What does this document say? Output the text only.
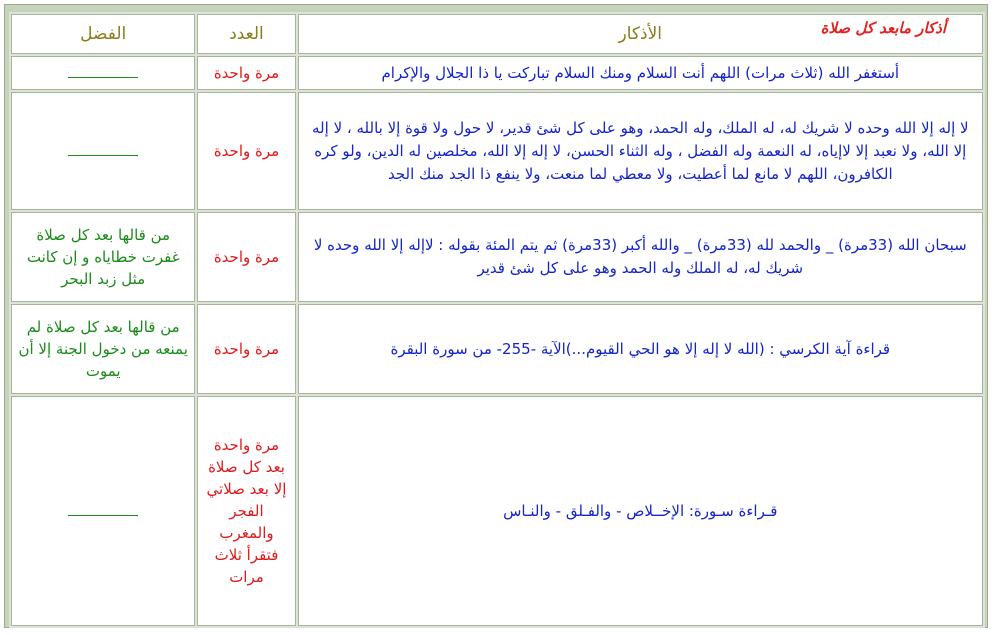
أذكار مابعد كل صلاة
الأذكار	العدد	الفضل
أستغفر الله (ثلاث مرات) اللهم أنت السلام ومنك السلام تباركت يا ذا الجلال والإكرام	مرة واحدة	
لا إله إلا الله وحده لا شريك له، له الملك، وله الحمد، وهو على كل شئ قدير، لا حول ولا قوة إلا بالله ، لا إله إلا الله، ولا نعبد إلا لاإياه، له النعمة وله الفضل ، وله الثناء الحسن، لا إله إلا الله، مخلصين له الدين، ولو كره الكافرون، اللهم لا مانع لما أعطيت، ولا معطي لما منعت، ولا ينفع ذا الجد منك الجد	مرة واحدة	
سبحان الله (33مرة) _ والحمد لله (33مرة) _ والله أكبر (33مرة) ثم يتم المئة بقوله : لاإله إلا الله وحده لا شريك له، له الملك وله الحمد وهو على كل شئ قدير	مرة واحدة	من قالها بعد كل صلاة غفرت خطاياه و إن كانت مثل زبد البحر
قراءة آية الكرسي : (الله لا إله إلا هو الحي القيوم...)الآية -255- من سورة البقرة	مرة واحدة	من قالها بعد كل صلاة لم يمنعه من دخول الجنة إلا أن يموت
قـراءة سـورة: الإخــلاص - والفـلق - والنـاس	مرة واحدة بعد كل صلاة إلا بعد صلاتي الفجر والمغرب فتقرأ ثلاث مرات	
